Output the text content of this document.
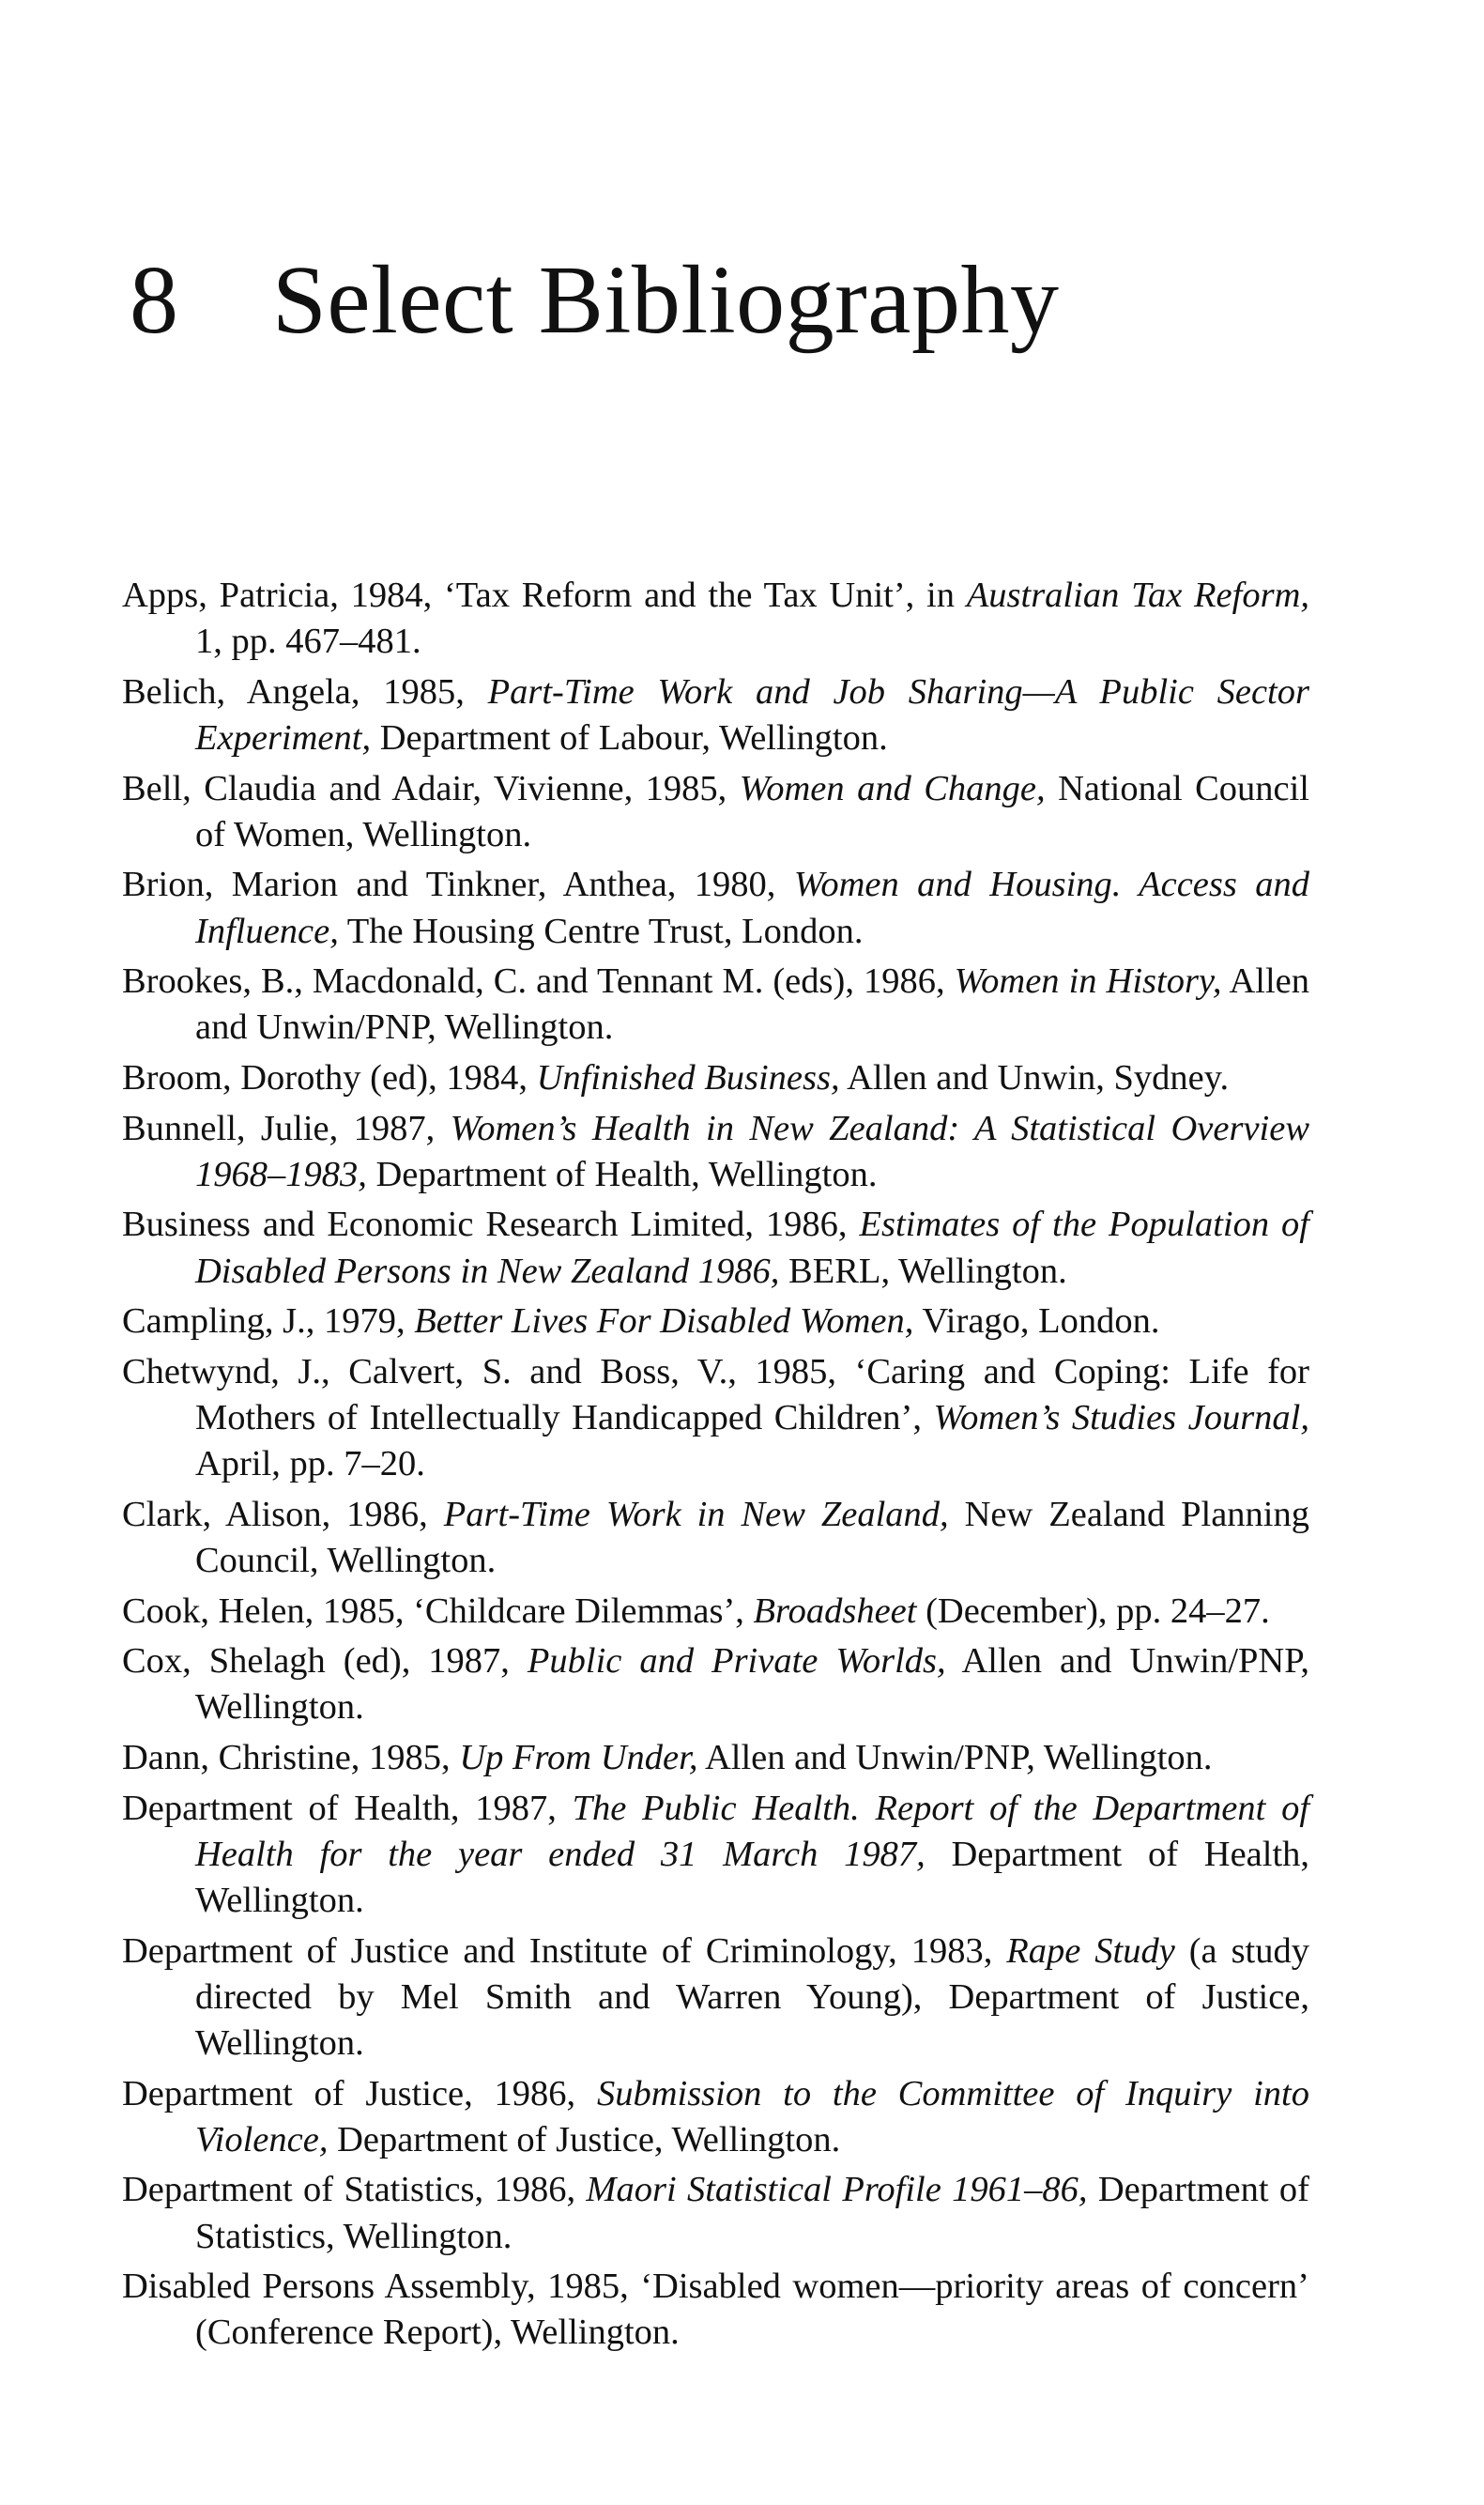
8 Select Bibliography
Apps, Patricia, 1984, ‘Tax Reform and the Tax Unit’, in Australian Tax Reform, 1, pp. 467–481.
Belich, Angela, 1985, Part-Time Work and Job Sharing—A Public Sector Experiment, Department of Labour, Wellington.
Bell, Claudia and Adair, Vivienne, 1985, Women and Change, National Council of Women, Wellington.
Brion, Marion and Tinkner, Anthea, 1980, Women and Housing. Access and Influence, The Housing Centre Trust, London.
Brookes, B., Macdonald, C. and Tennant M. (eds), 1986, Women in History, Allen and Unwin/PNP, Wellington.
Broom, Dorothy (ed), 1984, Unfinished Business, Allen and Unwin, Sydney.
Bunnell, Julie, 1987, Women’s Health in New Zealand: A Statistical Overview 1968–1983, Department of Health, Wellington.
Business and Economic Research Limited, 1986, Estimates of the Population of Disabled Persons in New Zealand 1986, BERL, Wellington.
Campling, J., 1979, Better Lives For Disabled Women, Virago, London.
Chetwynd, J., Calvert, S. and Boss, V., 1985, ‘Caring and Coping: Life for Mothers of Intellectually Handicapped Children’, Women’s Studies Journal, April, pp. 7–20.
Clark, Alison, 1986, Part-Time Work in New Zealand, New Zealand Planning Council, Wellington.
Cook, Helen, 1985, ‘Childcare Dilemmas’, Broadsheet (December), pp. 24–27.
Cox, Shelagh (ed), 1987, Public and Private Worlds, Allen and Unwin/PNP, Wellington.
Dann, Christine, 1985, Up From Under, Allen and Unwin/PNP, Wellington.
Department of Health, 1987, The Public Health. Report of the Department of Health for the year ended 31 March 1987, Department of Health, Wellington.
Department of Justice and Institute of Criminology, 1983, Rape Study (a study directed by Mel Smith and Warren Young), Department of Justice, Wellington.
Department of Justice, 1986, Submission to the Committee of Inquiry into Violence, Department of Justice, Wellington.
Department of Statistics, 1986, Maori Statistical Profile 1961–86, Department of Statistics, Wellington.
Disabled Persons Assembly, 1985, ‘Disabled women—priority areas of concern’ (Conference Report), Wellington.
